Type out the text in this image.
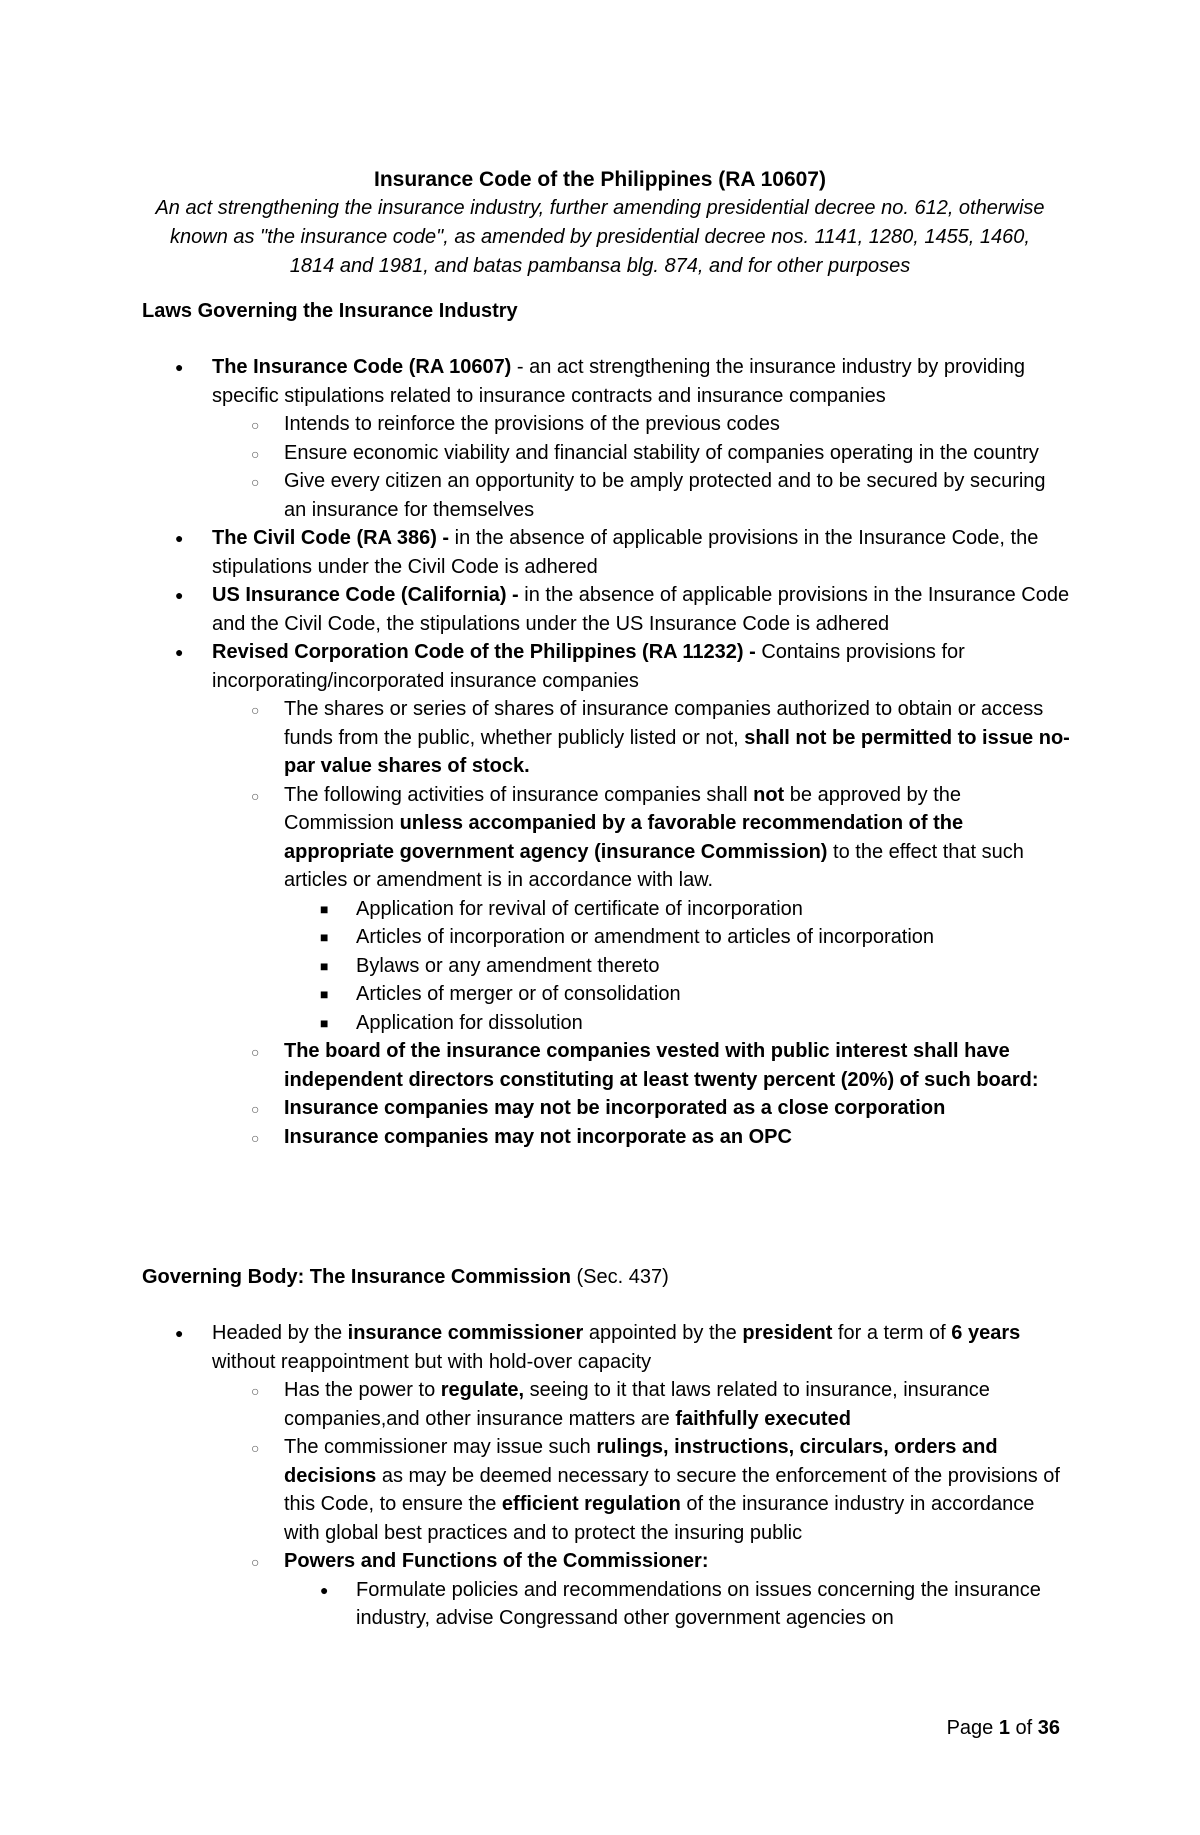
Insurance Code of the Philippines (RA 10607)
An act strengthening the insurance industry, further amending presidential decree no. 612, otherwise known as "the insurance code", as amended by presidential decree nos. 1141, 1280, 1455, 1460, 1814 and 1981, and batas pambansa blg. 874, and for other purposes
Laws Governing the Insurance Industry
● The Insurance Code (RA 10607) - an act strengthening the insurance industry by providing specific stipulations related to insurance contracts and insurance companies
○ Intends to reinforce the provisions of the previous codes
○ Ensure economic viability and financial stability of companies operating in the country
○ Give every citizen an opportunity to be amply protected and to be secured by securing an insurance for themselves
● The Civil Code (RA 386) - in the absence of applicable provisions in the Insurance Code, the stipulations under the Civil Code is adhered
● US Insurance Code (California) - in the absence of applicable provisions in the Insurance Code and the Civil Code, the stipulations under the US Insurance Code is adhered
● Revised Corporation Code of the Philippines (RA 11232) - Contains provisions for incorporating/incorporated insurance companies
○ The shares or series of shares of insurance companies authorized to obtain or access funds from the public, whether publicly listed or not, shall not be permitted to issue no-par value shares of stock.
○ The following activities of insurance companies shall not be approved by the Commission unless accompanied by a favorable recommendation of the appropriate government agency (insurance Commission) to the effect that such articles or amendment is in accordance with law.
■ Application for revival of certificate of incorporation
■ Articles of incorporation or amendment to articles of incorporation
■ Bylaws or any amendment thereto
■ Articles of merger or of consolidation
■ Application for dissolution
○ The board of the insurance companies vested with public interest shall have independent directors constituting at least twenty percent (20%) of such board:
○ Insurance companies may not be incorporated as a close corporation
○ Insurance companies may not incorporate as an OPC
Governing Body: The Insurance Commission (Sec. 437)
● Headed by the insurance commissioner appointed by the president for a term of 6 years without reappointment but with hold-over capacity
○ Has the power to regulate, seeing to it that laws related to insurance, insurance companies,and other insurance matters are faithfully executed
○ The commissioner may issue such rulings, instructions, circulars, orders and decisions as may be deemed necessary to secure the enforcement of the provisions of this Code, to ensure the efficient regulation of the insurance industry in accordance with global best practices and to protect the insuring public
○ Powers and Functions of the Commissioner:
● Formulate policies and recommendations on issues concerning the insurance industry, advise Congressand other government agencies on
Page 1 of 36
